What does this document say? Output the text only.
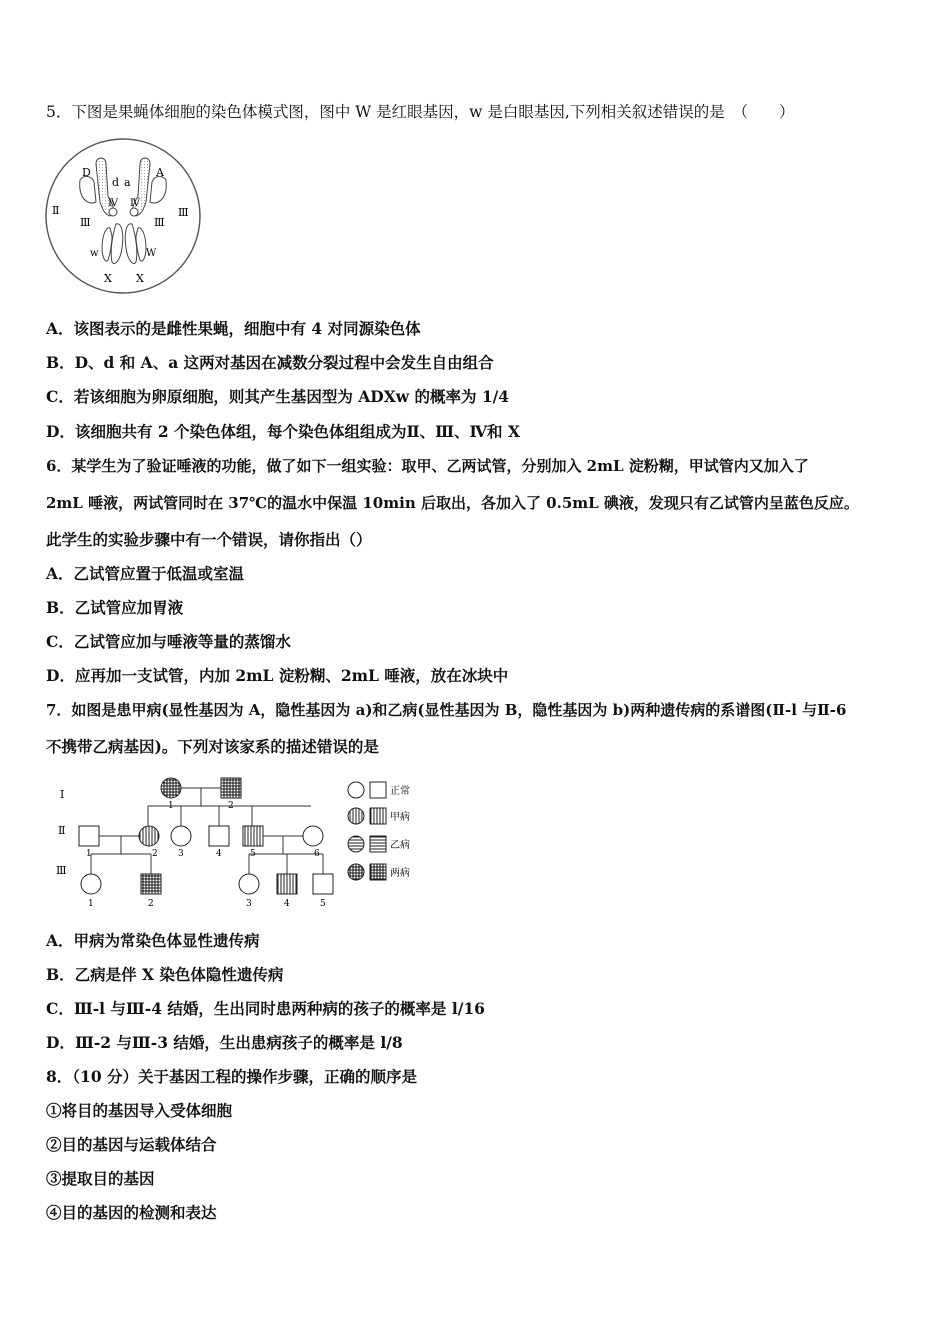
5．下图是果蝇体细胞的染色体模式图，图中 W 是红眼基因，w 是白眼基因,下列相关叙述错误的是　（　　）
D
d a
A
Ⅱ
Ⅳ Ⅳ
Ⅲ
Ⅲ	Ⅲ
w	W
X X
A．该图表示的是雌性果蝇，细胞中有 4 对同源染色体
B．D、d 和 A、a 这两对基因在减数分裂过程中会发生自由组合
C．若该细胞为卵原细胞，则其产生基因型为 ADXw 的概率为 1/4
D．该细胞共有 2 个染色体组，每个染色体组组成为Ⅱ、Ⅲ、Ⅳ和 X
6．某学生为了验证唾液的功能，做了如下一组实验：取甲、乙两试管，分别加入 2mL 淀粉糊，甲试管内又加入了
2mL 唾液，两试管同时在 37℃的温水中保温 10min 后取出，各加入了 0.5mL 碘液，发现只有乙试管内呈蓝色反应。
此学生的实验步骤中有一个错误，请你指出（）
A．乙试管应置于低温或室温
B．乙试管应加胃液
C．乙试管应加与唾液等量的蒸馏水
D．应再加一支试管，内加 2mL 淀粉糊、2mL 唾液，放在冰块中
7．如图是患甲病(显性基因为 A，隐性基因为 a)和乙病(显性基因为 B，隐性基因为 b)两种遗传病的系谱图(Ⅱ-l 与Ⅱ-6
不携带乙病基因)。下列对该家系的描述错误的是
Ⅰ
Ⅱ
Ⅲ
1	2
1	2 3	4	5	6
1	2	3	4	5
正常
甲病
乙病
两病
A．甲病为常染色体显性遗传病
B．乙病是伴 X 染色体隐性遗传病
C．Ⅲ-l 与Ⅲ-4 结婚，生出同时患两种病的孩子的概率是 l/16
D．Ⅲ-2 与Ⅲ-3 结婚，生出患病孩子的概率是 l/8
8．（10 分）关于基因工程的操作步骤，正确的顺序是
①将目的基因导入受体细胞
②目的基因与运载体结合
③提取目的基因
④目的基因的检测和表达
